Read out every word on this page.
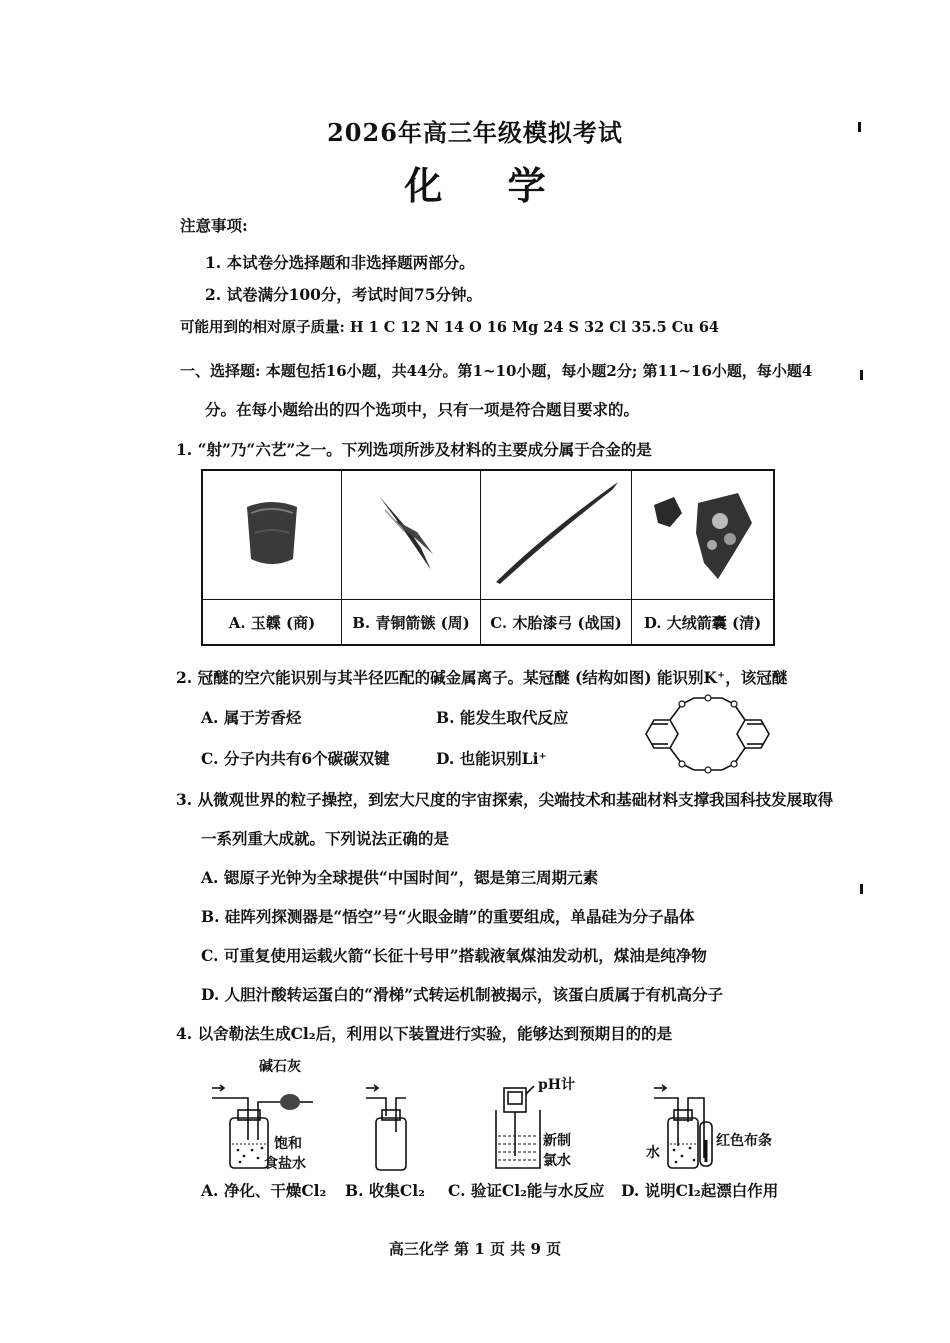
2026年高三年级模拟考试
化 学
注意事项:
1. 本试卷分选择题和非选择题两部分。
2. 试卷满分100分，考试时间75分钟。
可能用到的相对原子质量: H 1 C 12 N 14 O 16 Mg 24 S 32 Cl 35.5 Cu 64
一、选择题: 本题包括16小题，共44分。第1~10小题，每小题2分; 第11~16小题，每小题4
分。在每小题给出的四个选项中，只有一项是符合题目要求的。
1. “射”乃“六艺”之一。下列选项所涉及材料的主要成分属于合金的是

A. 玉韘 (商)	B. 青铜箭镞 (周)	C. 木胎漆弓 (战国)	D. 大绒箭囊 (清)
2. 冠醚的空穴能识别与其半径匹配的碱金属离子。某冠醚 (结构如图) 能识别K⁺，该冠醚
A. 属于芳香烃	B. 能发生取代反应
C. 分子内共有6个碳碳双键	D. 也能识别Li⁺
3. 从微观世界的粒子操控，到宏大尺度的宇宙探索，尖端技术和基础材料支撑我国科技发展取得
一系列重大成就。下列说法正确的是
A. 锶原子光钟为全球提供“中国时间”，锶是第三周期元素
B. 硅阵列探测器是“悟空”号“火眼金睛”的重要组成，单晶硅为分子晶体
C. 可重复使用运载火箭“长征十号甲”搭载液氧煤油发动机，煤油是纯净物
D. 人胆汁酸转运蛋白的“滑梯”式转运机制被揭示，该蛋白质属于有机高分子
4. 以舍勒法生成Cl₂后，利用以下装置进行实验，能够达到预期目的的是
碱石灰
饱和
食盐水
pH计
新制
氯水	水
红色布条
A. 净化、干燥Cl₂ B. 收集Cl₂ C. 验证Cl₂能与水反应 D. 说明Cl₂起漂白作用
高三化学 第 1 页 共 9 页
